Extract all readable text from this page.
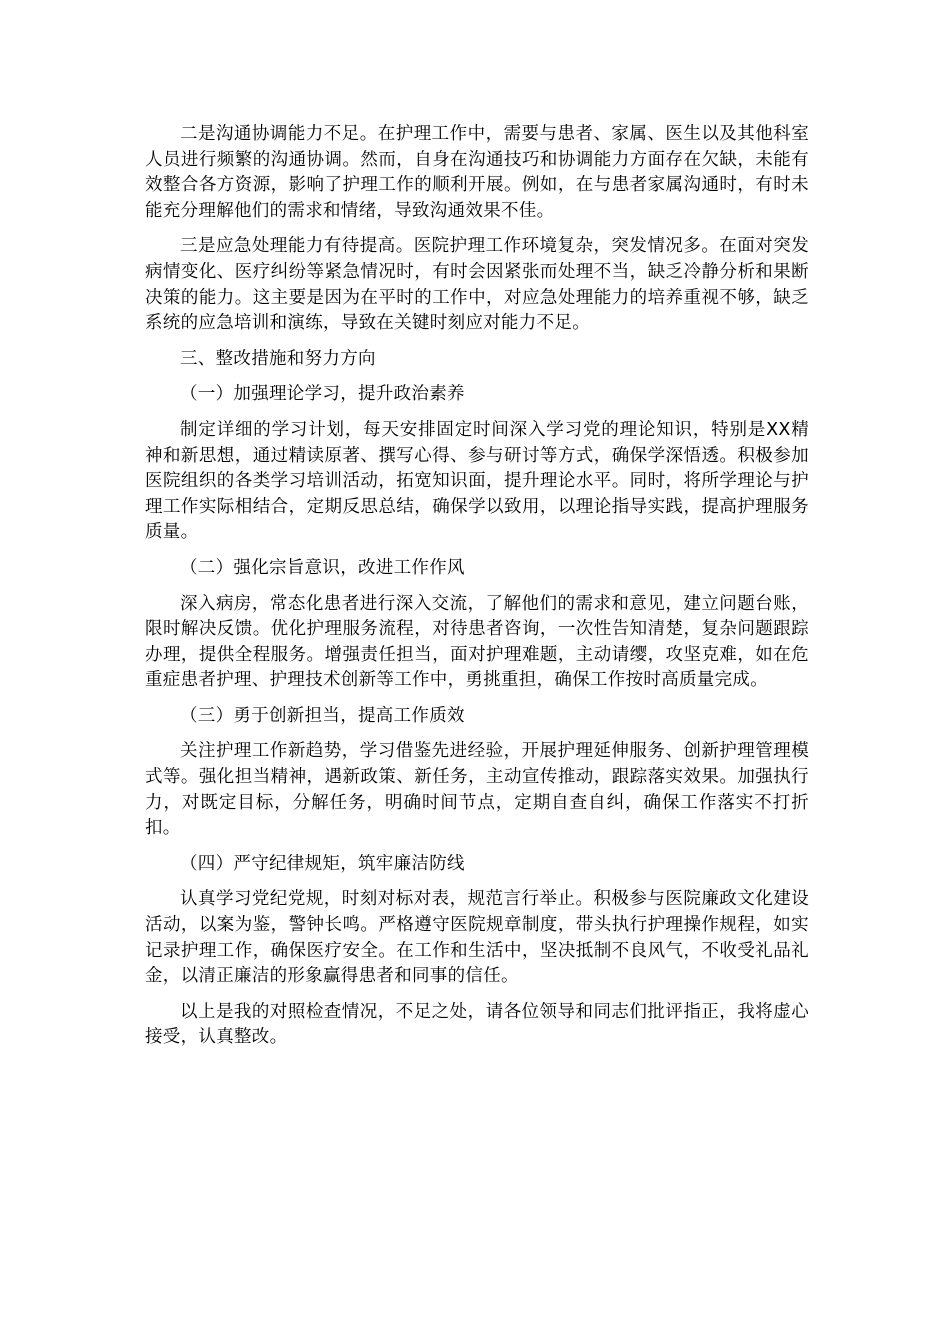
二是沟通协调能力不足。在护理工作中，需要与患者、家属、医生以及其他科室人员进行频繁的沟通协调。然而，自身在沟通技巧和协调能力方面存在欠缺，未能有效整合各方资源，影响了护理工作的顺利开展。例如，在与患者家属沟通时，有时未能充分理解他们的需求和情绪，导致沟通效果不佳。

三是应急处理能力有待提高。医院护理工作环境复杂，突发情况多。在面对突发病情变化、医疗纠纷等紧急情况时，有时会因紧张而处理不当，缺乏冷静分析和果断决策的能力。这主要是因为在平时的工作中，对应急处理能力的培养重视不够，缺乏系统的应急培训和演练，导致在关键时刻应对能力不足。

三、整改措施和努力方向

（一）加强理论学习，提升政治素养

制定详细的学习计划，每天安排固定时间深入学习党的理论知识，特别是XX精神和新思想，通过精读原著、撰写心得、参与研讨等方式，确保学深悟透。积极参加医院组织的各类学习培训活动，拓宽知识面，提升理论水平。同时，将所学理论与护理工作实际相结合，定期反思总结，确保学以致用，以理论指导实践，提高护理服务质量。

（二）强化宗旨意识，改进工作作风

深入病房，常态化患者进行深入交流，了解他们的需求和意见，建立问题台账，限时解决反馈。优化护理服务流程，对待患者咨询，一次性告知清楚，复杂问题跟踪办理，提供全程服务。增强责任担当，面对护理难题，主动请缨，攻坚克难，如在危重症患者护理、护理技术创新等工作中，勇挑重担，确保工作按时高质量完成。

（三）勇于创新担当，提高工作质效

关注护理工作新趋势，学习借鉴先进经验，开展护理延伸服务、创新护理管理模式等。强化担当精神，遇新政策、新任务，主动宣传推动，跟踪落实效果。加强执行力，对既定目标，分解任务，明确时间节点，定期自查自纠，确保工作落实不打折扣。

（四）严守纪律规矩，筑牢廉洁防线

认真学习党纪党规，时刻对标对表，规范言行举止。积极参与医院廉政文化建设活动，以案为鉴，警钟长鸣。严格遵守医院规章制度，带头执行护理操作规程，如实记录护理工作，确保医疗安全。在工作和生活中，坚决抵制不良风气，不收受礼品礼金，以清正廉洁的形象赢得患者和同事的信任。

以上是我的对照检查情况，不足之处，请各位领导和同志们批评指正，我将虚心接受，认真整改。
